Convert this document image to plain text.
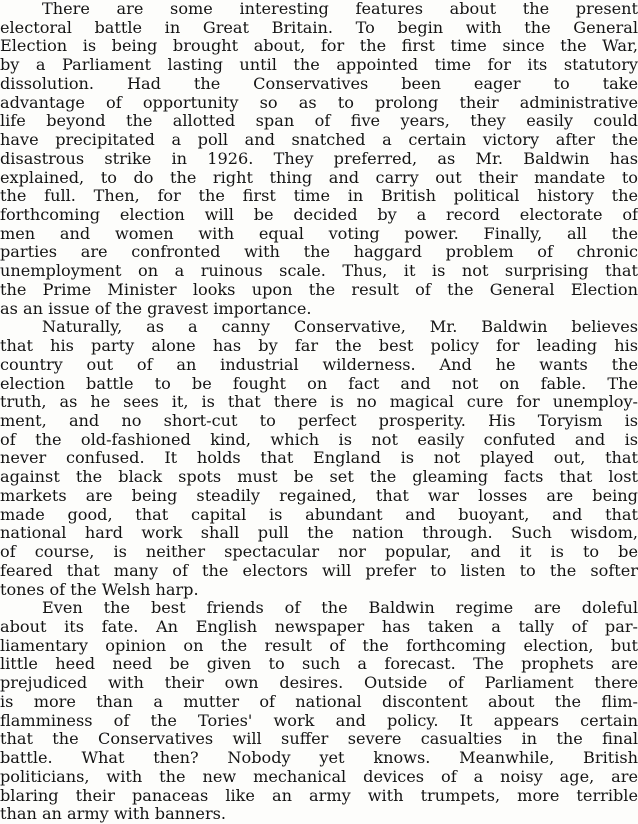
There are some interesting features about the present
electoral battle in Great Britain. To begin with the General
Election is being brought about, for the first time since the War,
by a Parliament lasting until the appointed time for its statutory
dissolution. Had the Conservatives been eager to take
advantage of opportunity so as to prolong their administrative
life beyond the allotted span of five years, they easily could
have precipitated a poll and snatched a certain victory after the
disastrous strike in 1926. They preferred, as Mr. Baldwin has
explained, to do the right thing and carry out their mandate to
the full. Then, for the first time in British political history the
forthcoming election will be decided by a record electorate of
men and women with equal voting power. Finally, all the
parties are confronted with the haggard problem of chronic
unemployment on a ruinous scale. Thus, it is not surprising that
the Prime Minister looks upon the result of the General Election
as an issue of the gravest importance.
Naturally, as a canny Conservative, Mr. Baldwin believes
that his party alone has by far the best policy for leading his
country out of an industrial wilderness. And he wants the
election battle to be fought on fact and not on fable. The
truth, as he sees it, is that there is no magical cure for unemploy-
ment, and no short-cut to perfect prosperity. His Toryism is
of the old-fashioned kind, which is not easily confuted and is
never confused. It holds that England is not played out, that
against the black spots must be set the gleaming facts that lost
markets are being steadily regained, that war losses are being
made good, that capital is abundant and buoyant, and that
national hard work shall pull the nation through. Such wisdom,
of course, is neither spectacular nor popular, and it is to be
feared that many of the electors will prefer to listen to the softer
tones of the Welsh harp.
Even the best friends of the Baldwin regime are doleful
about its fate. An English newspaper has taken a tally of par-
liamentary opinion on the result of the forthcoming election, but
little heed need be given to such a forecast. The prophets are
prejudiced with their own desires. Outside of Parliament there
is more than a mutter of national discontent about the flim-
flamminess of the Tories' work and policy. It appears certain
that the Conservatives will suffer severe casualties in the final
battle. What then? Nobody yet knows. Meanwhile, British
politicians, with the new mechanical devices of a noisy age, are
blaring their panaceas like an army with trumpets, more terrible
than an army with banners.
